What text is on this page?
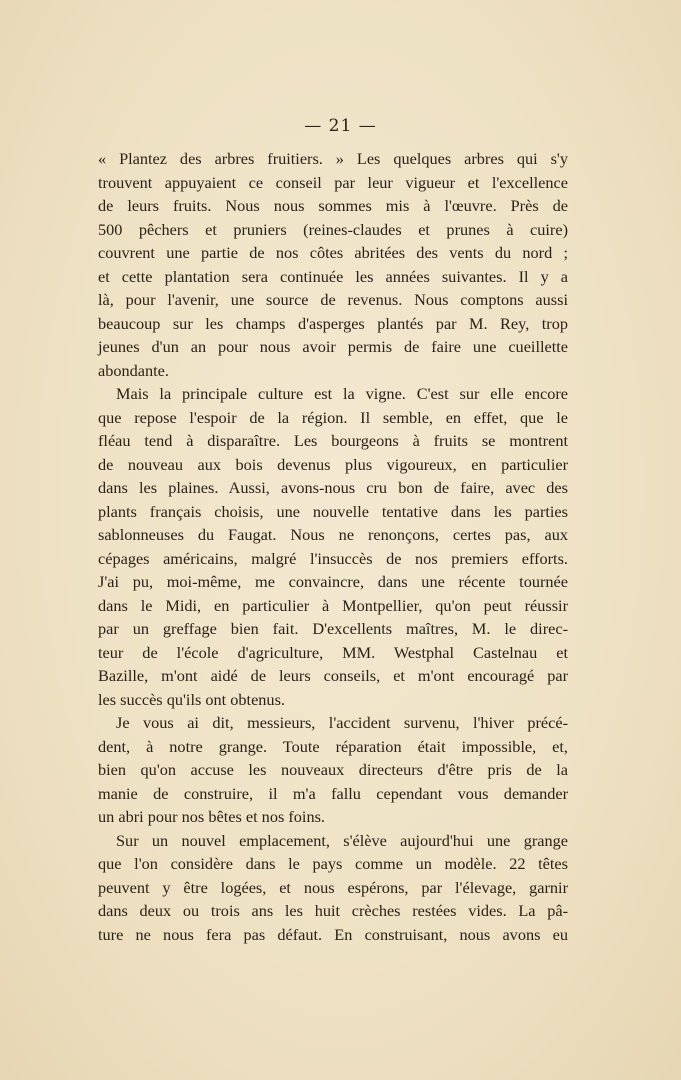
— 21 —
« Plantez des arbres fruitiers. » Les quelques arbres qui s'y
trouvent appuyaient ce conseil par leur vigueur et l'excellence
de leurs fruits. Nous nous sommes mis à l'œuvre. Près de
500 pêchers et pruniers (reines-claudes et prunes à cuire)
couvrent une partie de nos côtes abritées des vents du nord ;
et cette plantation sera continuée les années suivantes. Il y a
là, pour l'avenir, une source de revenus. Nous comptons aussi
beaucoup sur les champs d'asperges plantés par M. Rey, trop
jeunes d'un an pour nous avoir permis de faire une cueillette
abondante.
Mais la principale culture est la vigne. C'est sur elle encore
que repose l'espoir de la région. Il semble, en effet, que le
fléau tend à disparaître. Les bourgeons à fruits se montrent
de nouveau aux bois devenus plus vigoureux, en particulier
dans les plaines. Aussi, avons-nous cru bon de faire, avec des
plants français choisis, une nouvelle tentative dans les parties
sablonneuses du Faugat. Nous ne renonçons, certes pas, aux
cépages américains, malgré l'insuccès de nos premiers efforts.
J'ai pu, moi-même, me convaincre, dans une récente tournée
dans le Midi, en particulier à Montpellier, qu'on peut réussir
par un greffage bien fait. D'excellents maîtres, M. le direc-
teur de l'école d'agriculture, MM. Westphal Castelnau et
Bazille, m'ont aidé de leurs conseils, et m'ont encouragé par
les succès qu'ils ont obtenus.
Je vous ai dit, messieurs, l'accident survenu, l'hiver précé-
dent, à notre grange. Toute réparation était impossible, et,
bien qu'on accuse les nouveaux directeurs d'être pris de la
manie de construire, il m'a fallu cependant vous demander
un abri pour nos bêtes et nos foins.
Sur un nouvel emplacement, s'élève aujourd'hui une grange
que l'on considère dans le pays comme un modèle. 22 têtes
peuvent y être logées, et nous espérons, par l'élevage, garnir
dans deux ou trois ans les huit crèches restées vides. La pâ-
ture ne nous fera pas défaut. En construisant, nous avons eu
